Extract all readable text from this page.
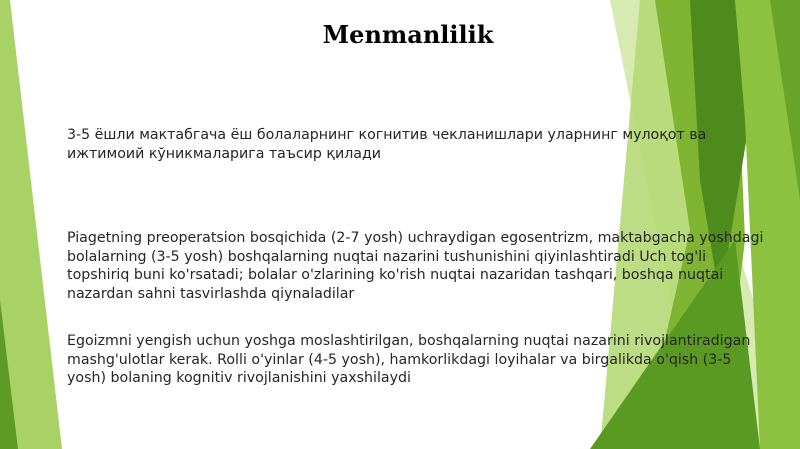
Menmanlilik

3-5 ёшли мактабгача ёш болаларнинг когнитив чекланишлари уларнинг мулоқот ва ижтимоий кўникмаларига таъсир қилади

Piagetning preoperatsion bosqichida (2-7 yosh) uchraydigan egosentrizm, maktabgacha yoshdagi bolalarning (3-5 yosh) boshqalarning nuqtai nazarini tushunishini qiyinlashtiradi Uch tog'li topshiriq buni ko'rsatadi; bolalar o'zlarining ko'rish nuqtai nazaridan tashqari, boshqa nuqtai nazardan sahni tasvirlashda qiynaladilar

Egoizmni yengish uchun yoshga moslashtirilgan, boshqalarning nuqtai nazarini rivojlantiradigan mashg'ulotlar kerak. Rolli o'yinlar (4-5 yosh), hamkorlikdagi loyihalar va birgalikda o'qish (3-5 yosh) bolaning kognitiv rivojlanishini yaxshilaydi
